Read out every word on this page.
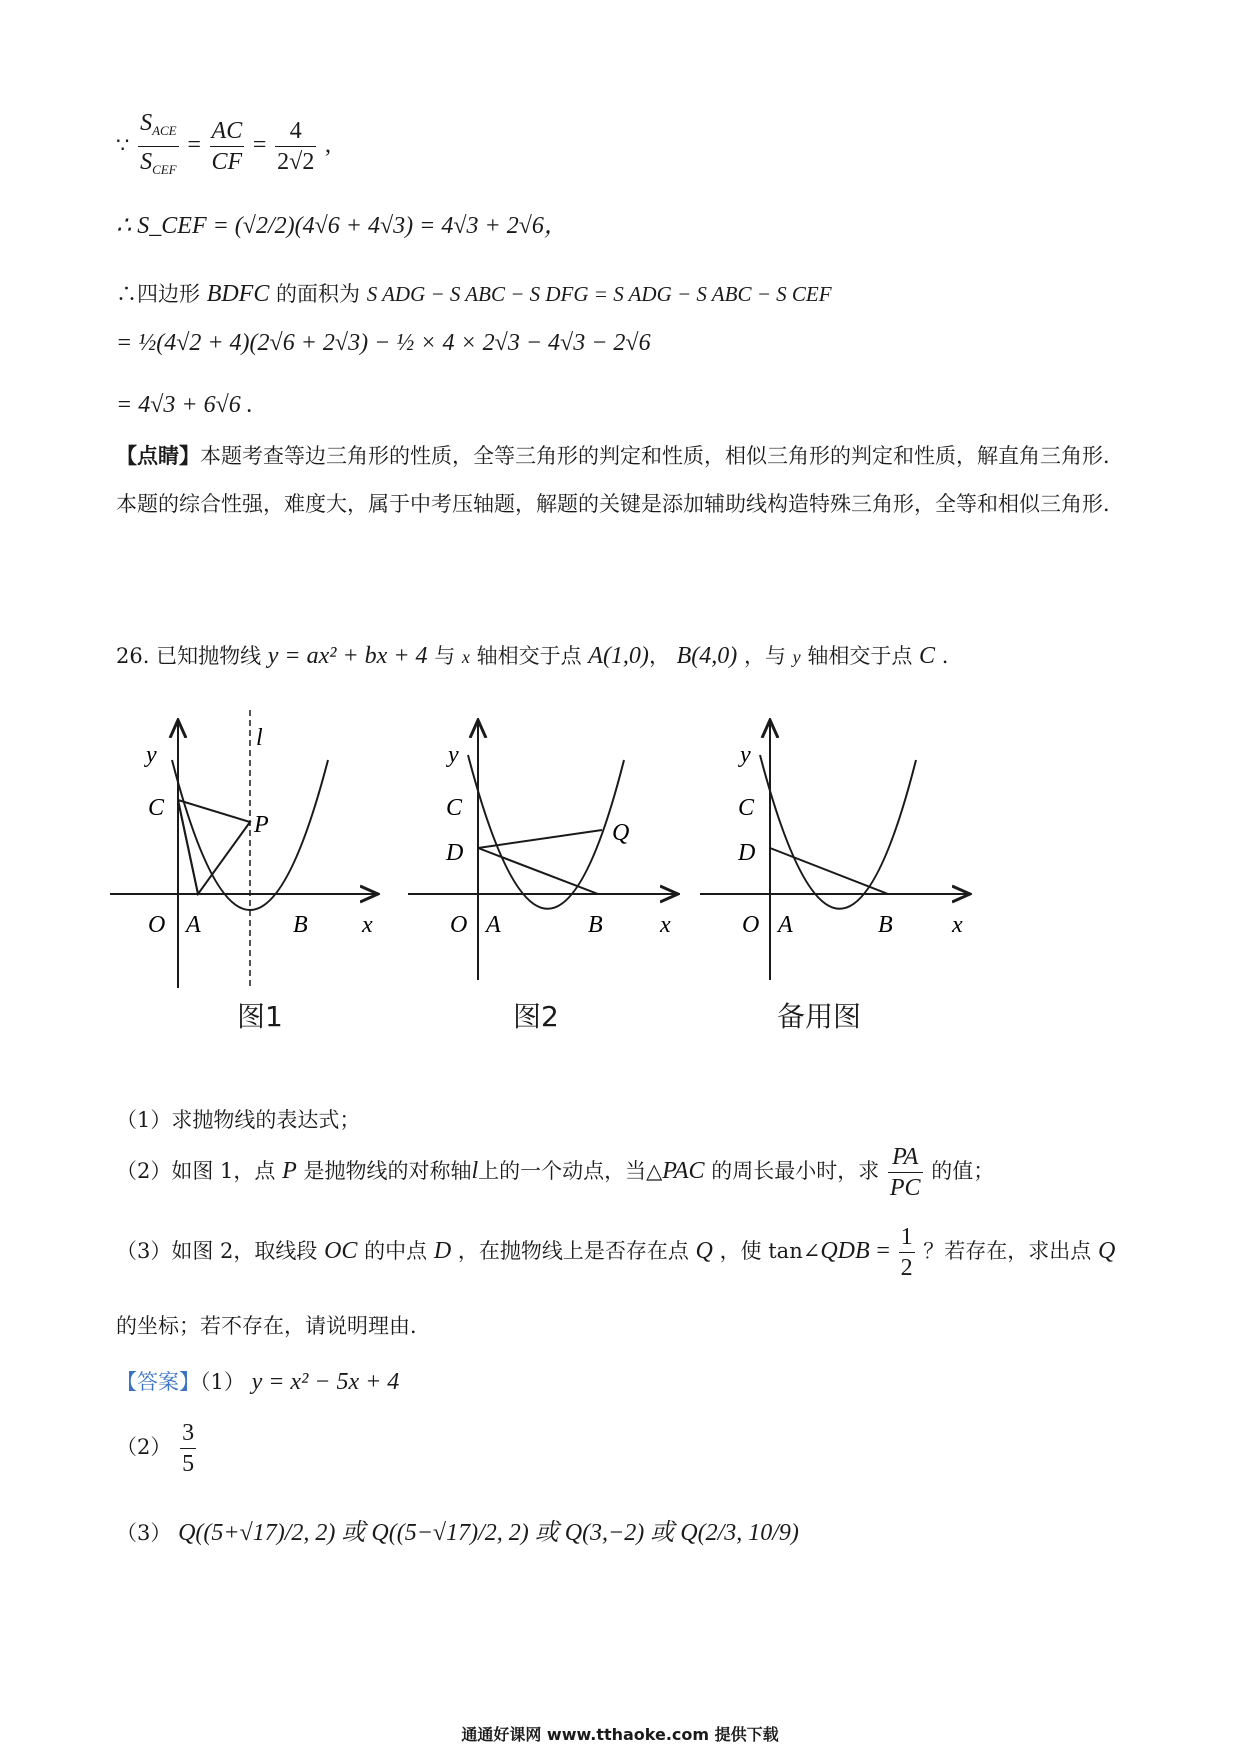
∵ $\frac{S_{ACE}}{S_{CEF}} = \frac{AC}{CF} = \frac{4}{2√2}$ ,
∴ S_CEF = (√2/2)(4√6 + 4√3) = 4√3 + 2√6，
∴四边形 BDFC 的面积为 S ADG − S ABC − S DFG = S ADG − S ABC − S CEF
= ½(4√2 + 4)(2√6 + 2√3) − ½ × 4 × 2√3 − 4√3 − 2√6
= 4√3 + 6√6 .
【点睛】本题考查等边三角形的性质，全等三角形的判定和性质，相似三角形的判定和性质，解直角三角形．本题的综合性强，难度大，属于中考压轴题，解题的关键是添加辅助线构造特殊三角形，全等和相似三角形．
26. 已知抛物线 y = ax² + bx + 4 与 x 轴相交于点 A(1,0)， B(4,0) ，与 y 轴相交于点 C .
y
l
C
P
O A	B x
图1
y
C
D
Q
O A	B x
图2
y
C
D
O A	B x
备用图
（1）求抛物线的表达式；
（2）如图 1，点 P 是抛物线的对称轴l上的一个动点，当△PAC 的周长最小时，求 $\frac{PA}{PC}$ 的值；
（3）如图 2，取线段 OC 的中点 D ，在抛物线上是否存在点 Q ，使 tan∠QDB = $\frac{1}{2}$ ？若存在，求出点 Q
的坐标；若不存在，请说明理由．
【答案】（1） y = x² − 5x + 4
$(2) \frac{3}{5}$
（3） Q((5+√17)/2, 2) 或 Q((5−√17)/2, 2) 或 Q(3,−2) 或 Q(2/3, 10/9)
通通好课网 www.tthaoke.com 提供下载
